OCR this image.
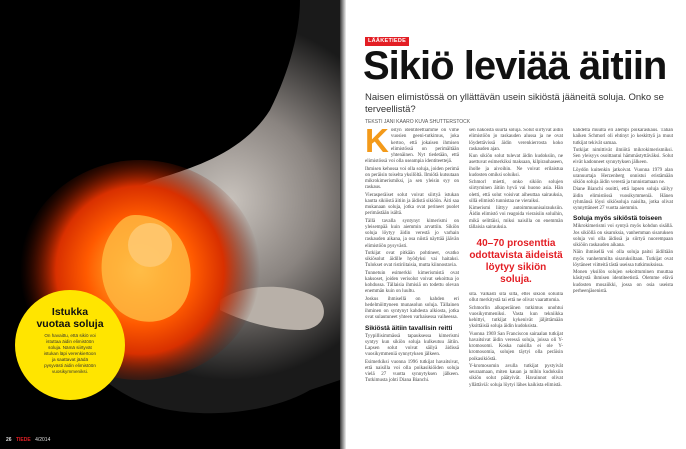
Istukka
vuotaa soluja
On havaittu, että sikiö voi
istuttaa äidin elimistöön
soluja. Nämä siirtyvät
istukan läpi verenkiertoon
ja saattavat jäädä
pysyvästi äidin elimistöön
vuosikymmeniksi.
26 TIEDE 4/2014
LÄÄKETIEDE
Sikiö leviää äitiin
Naisen elimistössä on yllättävän usein sikiöstä jääneitä soluja. Onko se terveellistä?
TEKSTI JANI KAARO KUVA SHUTTERSTOCK
K östyn identiteettiämme on vime vuosien geeni-tutkimus, joka kertoo, että jokaisen ihmisen elimistössä on perimältään yhtenäinen. Nyt tiedetään, että elimistössä voi olla useampia identiteettejä.

Ihmisen kehossa voi olla soluja, joiden perimä on peräisin toiselta yksilöltä. Ilmiötä kutsutaan mikrokimerismiksi, ja sen yleisin syy on raskaus.

Vierasperäiset solut voivat siirtyä istukan kautta sikiöstä äitiin ja äidistä sikiöön. Äiti saa mukanaan soluja, jotka ovat perineet puolet perimästään isältä.

Tällä tavalla syntynyt kimerismi on yleisempää kuin aiemmin arvattiin. Sikiön soluja löytyy äidin verestä jo varhain raskauden aikana, ja osa niistä näyttää jäävän elimistöön pysyvästi.

Tutkijat ovat pitkään pohtineet, ovatko sikiösolut äidille hyödyksi vai haitaksi. Tulokset ovat ristiriitaisia, mutta kiinnostavia.

Tunnetuin esimerkki kimerismistä ovat kaksoset, joiden verisolut voivat sekoittua jo kohdussa. Tällaisia ihmisiä on todettu olevan enemmän kuin on luultu.

Joskus ihmisellä on kahden eri hedelmöittyneen munasolun soluja. Tällainen ihminen on syntynyt kahdesta alkiosta, jotka ovat sulautuneet yhteen varhaisessa vaiheessa.

Sikiöstä äitiin tavallisin reitti

Tyypillisimmässä tapauksessa kimerismi syntyy kun sikiön soluja kulkeutuu äitiin. Lapsen solut voivat säilyä äidissä vuosikymmeniä synnytyksen jälkeen.

Esimerkiksi vuonna 1996 tutkijat havaitsivat, että naisilla voi olla poikasikiöiden soluja vielä 27 vuotta synnytyksen jälkeen. Tutkimusta johti Diana Bianchi.

sen näköistä suurta soluja. Solut siirtyvät äidin elimistöön jo raskauden alussa ja ne ovat löydettävissä äidin verenkierrosta koko raskauden ajan.

Kun sikiön solut tulevat äidin kudoksiin, ne asettuvat esimerkiksi maksaan, kilpirauhaseen, iholle ja aivoihin. Ne voivat erilaistua kudosten omiksi soluiksi.

Schmorl mietti, onko sikiön solujen siirtyminen äitiin hyvä vai huono asia. Hän oletti, että solut voisivat aiheuttaa sairauksia, sillä elimistö tunnistaa ne vieraiksi.

Kimerismi liittyy autoimmuunisairauksiin. Äidin elimistö voi reagoida vieraisiin soluihin, mikä selittäisi, miksi naisilla on enemmän tällaisia sairauksia.

40–70 prosenttia odottavista äideistä löytyy sikiön soluja.

sitä. Valkasti sitä siltä, ettei sikiön soluilla ollut merkitystä tai että ne olivat vaarattomia.

Schmorlin alkuperäinen tutkimus unohtui vuosikymmeniksi. Vasta kun tekniikka kehittyi, tutkijat kykenivät jäljittämään yksittäisiä soluja äidin kudoksista.

Vuonna 1969 San Franciscon sairaalan tutkijat havaitsivat äidin veressä soluja, joissa oli Y-kromosomi. Koska naisilla ei ole Y-kromosomia, solujen täytyi olla peräisin poikasikiöstä.

Y-kromosomin avulla tutkijat pystyivät seuraamaan, miten kauan ja mihin kudoksiin sikiön solut päätyivät. Havainnot olivat yllättäviä: soluja löytyi lähes kaikista elimistä.

kahdelta muulta eli alempi poikaraskaus. Tähän kaiken Schmorl oli ehtinyt jo keskittyä ja muut tutkijat tekivät samaa.

Tutkijat nimittivät ilmiötä mikrokimerismiksi. Sen yleisyys osoittautui hämmästyttäväksi. Solut eivät kadonneet synnytyksen jälkeen.

Löydön kuitenkin jatkoivat. Vuonna 1979 alan uranuurtaja Herzenberg onnistui eristämään sikiön soluja äidin verestä ja tunnistamaan ne.

Diane Bianchi osoitti, että lapsen soluja säilyy äidin elimistössä vuosikymmeniä. Hänen ryhmänsä löysi sikiösoluja naisilta, jotka olivat synnyttäneet 27 vuotta aiemmin.

Soluja myös sikiöstä toiseen

Mikrokimerismi voi syntyä myös kohdun sisällä. Jos sikiöllä on sisaruksia, vanhemman sisaruksen soluja voi olla äidissä ja siirtyä nuorempaan sikiöön raskauden aikana.

Näin ihmisellä voi olla soluja paitsi äidiltään myös vanhemmilta sisaruksiltaan. Tutkijat ovat löytäneet viitteitä tästä useissa tutkimuksissa.

Monen yksilön solujen sekoittuminen muuttaa käsitystä ihmisen identiteetistä. Olemme elävä kudosten mosaiikki, jossa on osia useista perheenjäsenistä.
